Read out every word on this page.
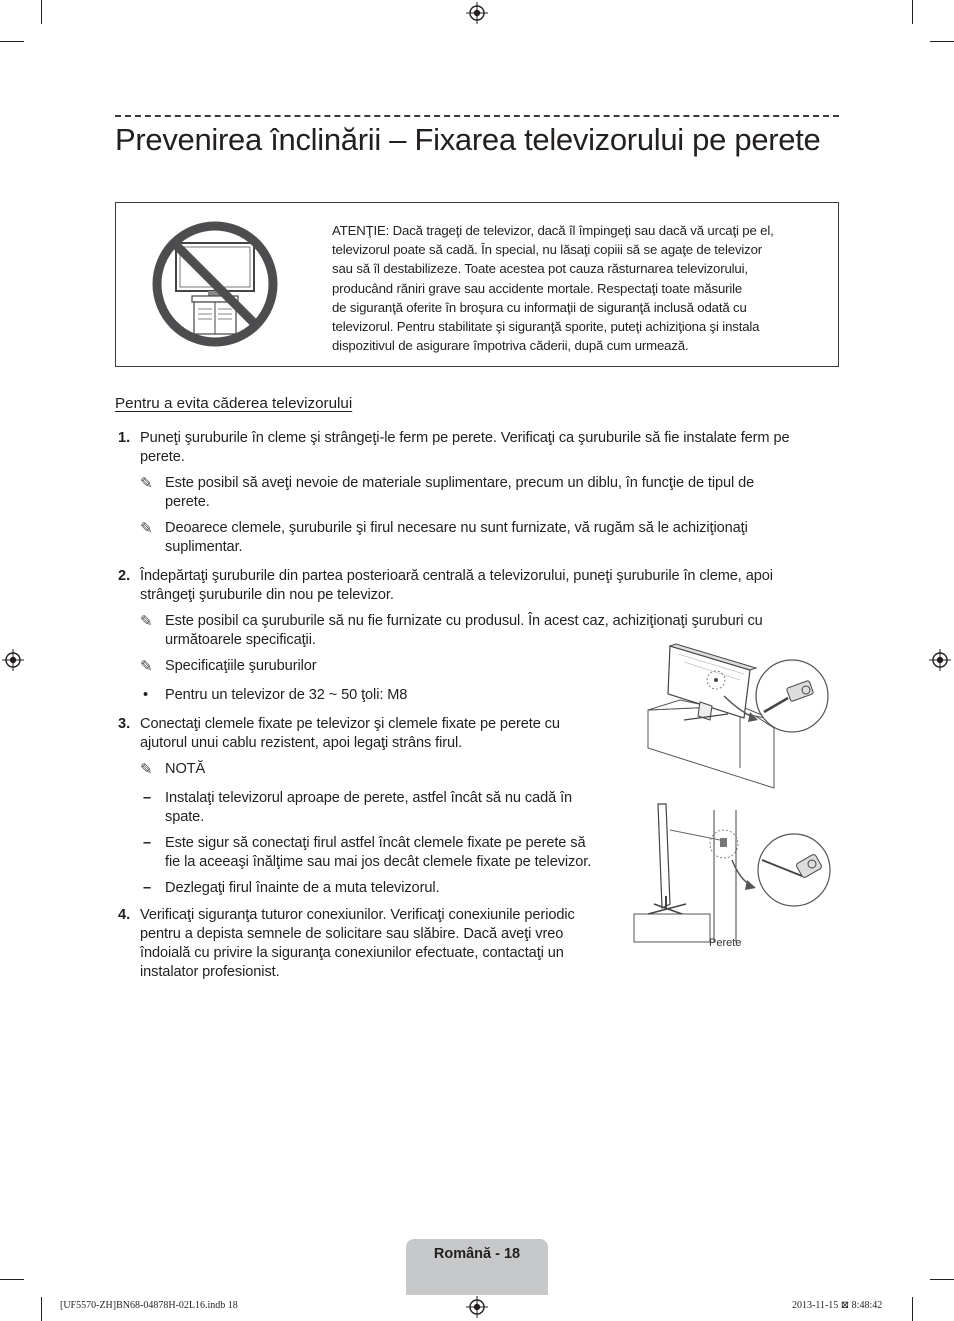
Prevenirea înclinării – Fixarea televizorului pe perete
ATENŢIE: Dacă trageţi de televizor, dacă îl împingeţi sau dacă vă urcaţi pe el,
televizorul poate să cadă. În special, nu lăsaţi copiii să se agaţe de televizor
sau să îl destabilizeze. Toate acestea pot cauza răsturnarea televizorului,
producând răniri grave sau accidente mortale. Respectaţi toate măsurile
de siguranţă oferite în broşura cu informaţii de siguranţă inclusă odată cu
televizorul. Pentru stabilitate şi siguranţă sporite, puteţi achiziţiona şi instala
dispozitivul de asigurare împotriva căderii, după cum urmează.
Pentru a evita căderea televizorului
1. Puneţi şuruburile în cleme şi strângeţi-le ferm pe perete. Verificaţi ca şuruburile să fie instalate ferm pe
perete.
✎ Este posibil să aveţi nevoie de materiale suplimentare, precum un diblu, în funcţie de tipul de
perete.
✎ Deoarece clemele, şuruburile şi firul necesare nu sunt furnizate, vă rugăm să le achiziţionaţi
suplimentar.
2. Îndepărtaţi şuruburile din partea posterioară centrală a televizorului, puneţi şuruburile în cleme, apoi
strângeţi şuruburile din nou pe televizor.
✎ Este posibil ca şuruburile să nu fie furnizate cu produsul. În acest caz, achiziţionaţi şuruburi cu
următoarele specificaţii.
✎ Specificaţiile şuruburilor
• Pentru un televizor de 32 ~ 50 ţoli: M8
3. Conectaţi clemele fixate pe televizor şi clemele fixate pe perete cu
ajutorul unui cablu rezistent, apoi legaţi strâns firul.
✎ NOTĂ
– Instalaţi televizorul aproape de perete, astfel încât să nu cadă în
spate.
– Este sigur să conectaţi firul astfel încât clemele fixate pe perete să
fie la aceeaşi înălţime sau mai jos decât clemele fixate pe televizor.
– Dezlegaţi firul înainte de a muta televizorul.
4. Verificaţi siguranţa tuturor conexiunilor. Verificaţi conexiunile periodic
pentru a depista semnele de solicitare sau slăbire. Dacă aveţi vreo
îndoială cu privire la siguranţa conexiunilor efectuate, contactaţi un
instalator profesionist.
Perete
Română - 18
[UF5570-ZH]BN68-04878H-02L16.indb 18	2013-11-15 ⊠ 8:48:42
